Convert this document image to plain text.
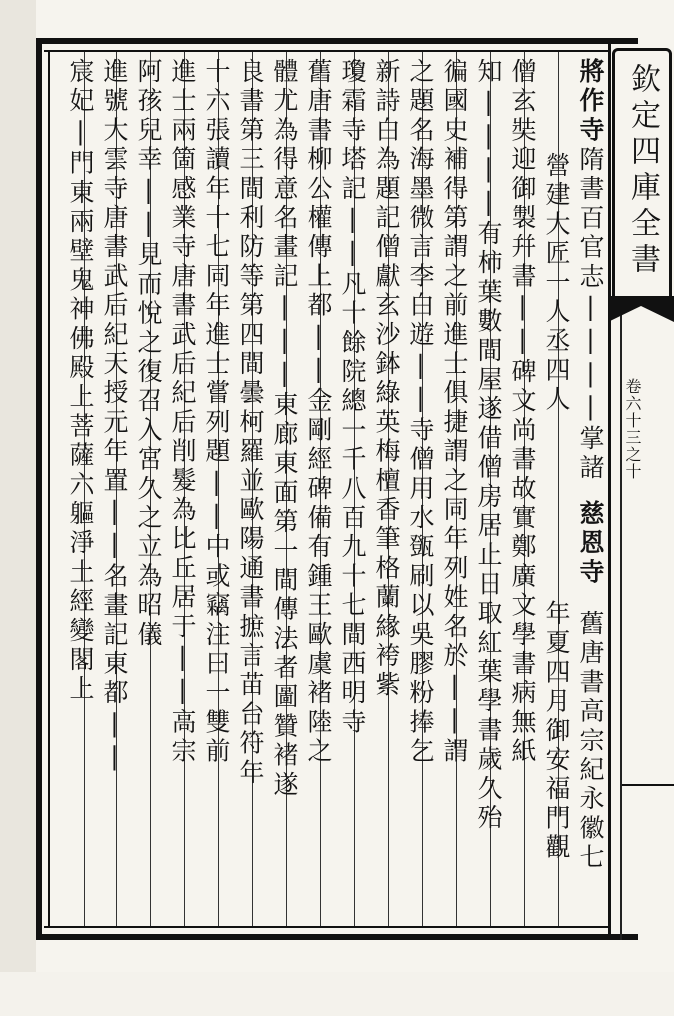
欽定四庫全書
卷六十三之十
將作寺
隋書百官志||||掌諸
營建大匠一人丞四人
慈恩寺
僧玄奘迎御製幷書||碑文尚書故實鄭廣文學書病無紙
知||||有柿葉數間屋遂借僧房居止日取紅葉學書歲久殆
徧國史補得第謂之前進士俱捷謂之同年列姓名於||謂
之題名海墨微言李白遊||寺僧用水㽅刷以吳膠粉捧乞
新詩白為題記僧獻玄沙鉢綠英梅檀香筆格蘭緣袴紫
瓊霜寺塔記||凡十餘院總一千八百九十七間西明寺
舊唐書柳公權傳上都||金剛經碑備有鍾王歐虞褚陸之
體尤為得意名畫記|||東廊東面第一間傳法者圖贊褚遂
良書第三間利防等第四間曇柯羅並歐陽通書摭言苗台符年
十六張讀年十七同年進士嘗列題||中或竊注曰一雙前
進士兩箇感業寺唐書武后紀后削髮為比丘居于||高宗
阿孩兒幸||見而悅之復召入宮久之立為昭儀
進號大雲寺唐書武后紀天授元年置||名畫記東都||
宸妃|門東兩壁鬼神佛殿上菩薩六軀淨土經變閣上
年夏四月御安福門觀 舊唐書高宗紀永徽七
